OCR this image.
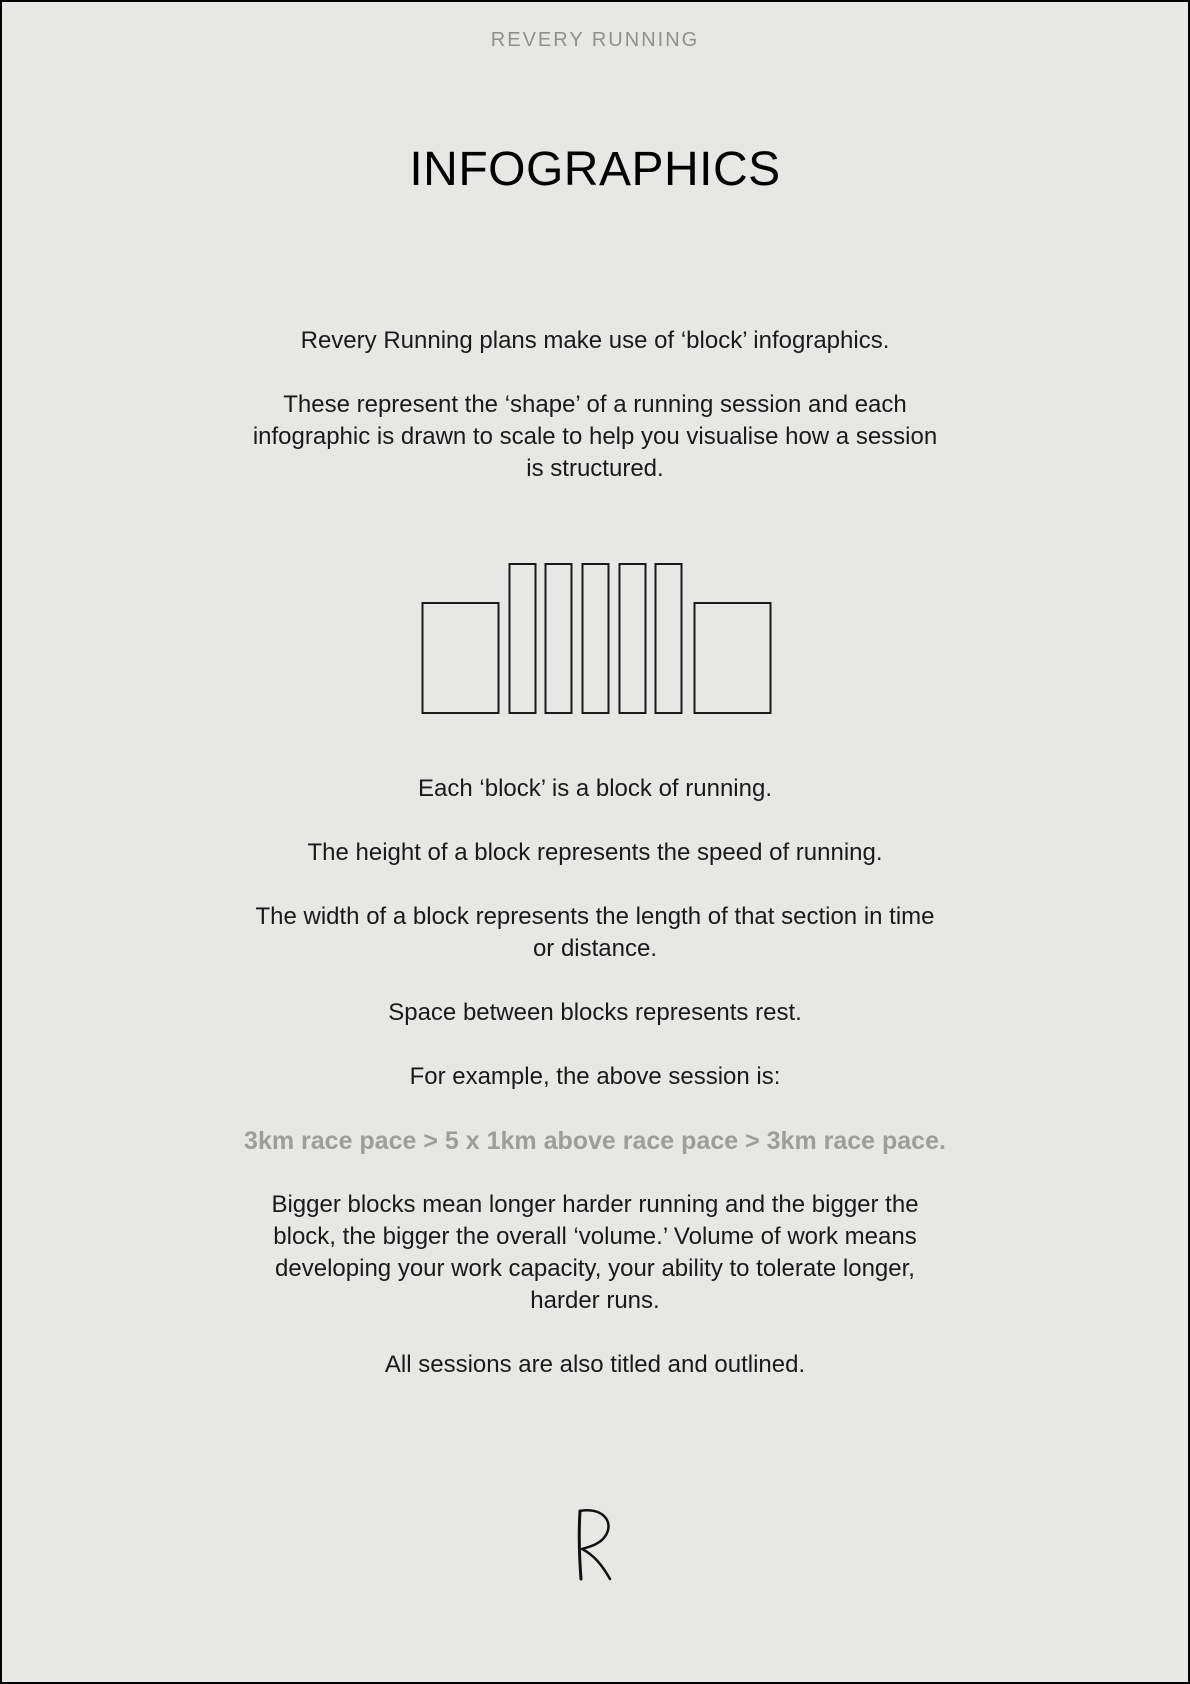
REVERY RUNNING
INFOGRAPHICS

Revery Running plans make use of ‘block’ infographics.

These represent the ‘shape’ of a running session and each infographic is drawn to scale to help you visualise how a session is structured.

Each ‘block’ is a block of running.

The height of a block represents the speed of running.

The width of a block represents the length of that section in time or distance.

Space between blocks represents rest.

For example, the above session is:

3km race pace > 5 x 1km above race pace > 3km race pace.

Bigger blocks mean longer harder running and the bigger the block, the bigger the overall ‘volume.’ Volume of work means developing your work capacity, your ability to tolerate longer, harder runs.

All sessions are also titled and outlined.
